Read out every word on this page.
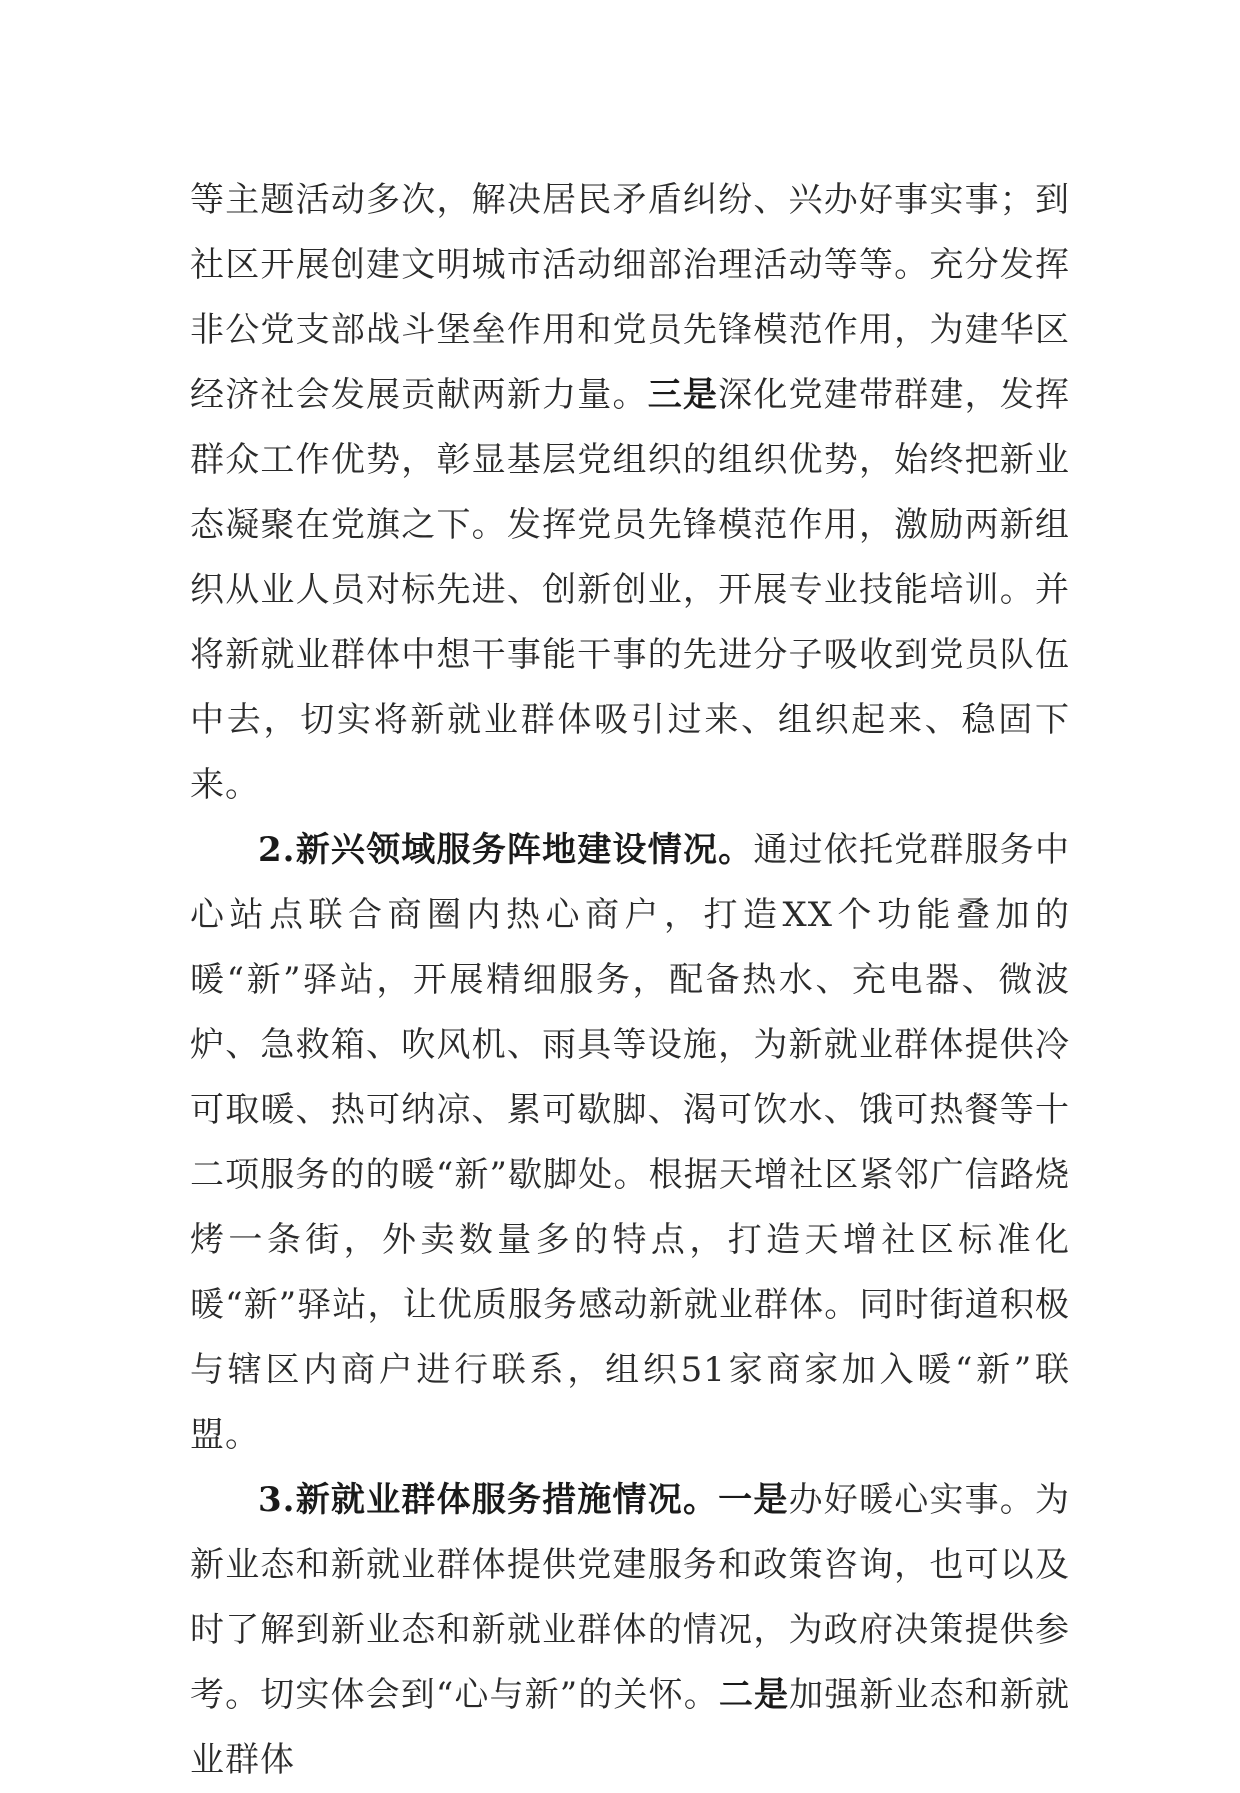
等主题活动多次，解决居民矛盾纠纷、兴办好事实事；到社区开展创建文明城市活动细部治理活动等等。充分发挥非公党支部战斗堡垒作用和党员先锋模范作用，为建华区经济社会发展贡献两新力量。三是深化党建带群建，发挥群众工作优势，彰显基层党组织的组织优势，始终把新业态凝聚在党旗之下。发挥党员先锋模范作用，激励两新组织从业人员对标先进、创新创业，开展专业技能培训。并将新就业群体中想干事能干事的先进分子吸收到党员队伍中去，切实将新就业群体吸引过来、组织起来、稳固下来。

2.新兴领域服务阵地建设情况。通过依托党群服务中心站点联合商圈内热心商户，打造XX个功能叠加的暖“新”驿站，开展精细服务，配备热水、充电器、微波炉、急救箱、吹风机、雨具等设施，为新就业群体提供冷可取暖、热可纳凉、累可歇脚、渴可饮水、饿可热餐等十二项服务的的暖“新”歇脚处。根据天增社区紧邻广信路烧烤一条街，外卖数量多的特点，打造天增社区标准化暖“新”驿站，让优质服务感动新就业群体。同时街道积极与辖区内商户进行联系，组织51家商家加入暖“新”联盟。

3.新就业群体服务措施情况。一是办好暖心实事。为新业态和新就业群体提供党建服务和政策咨询，也可以及时了解到新业态和新就业群体的情况，为政府决策提供参考。切实体会到“心与新”的关怀。二是加强新业态和新就业群体
